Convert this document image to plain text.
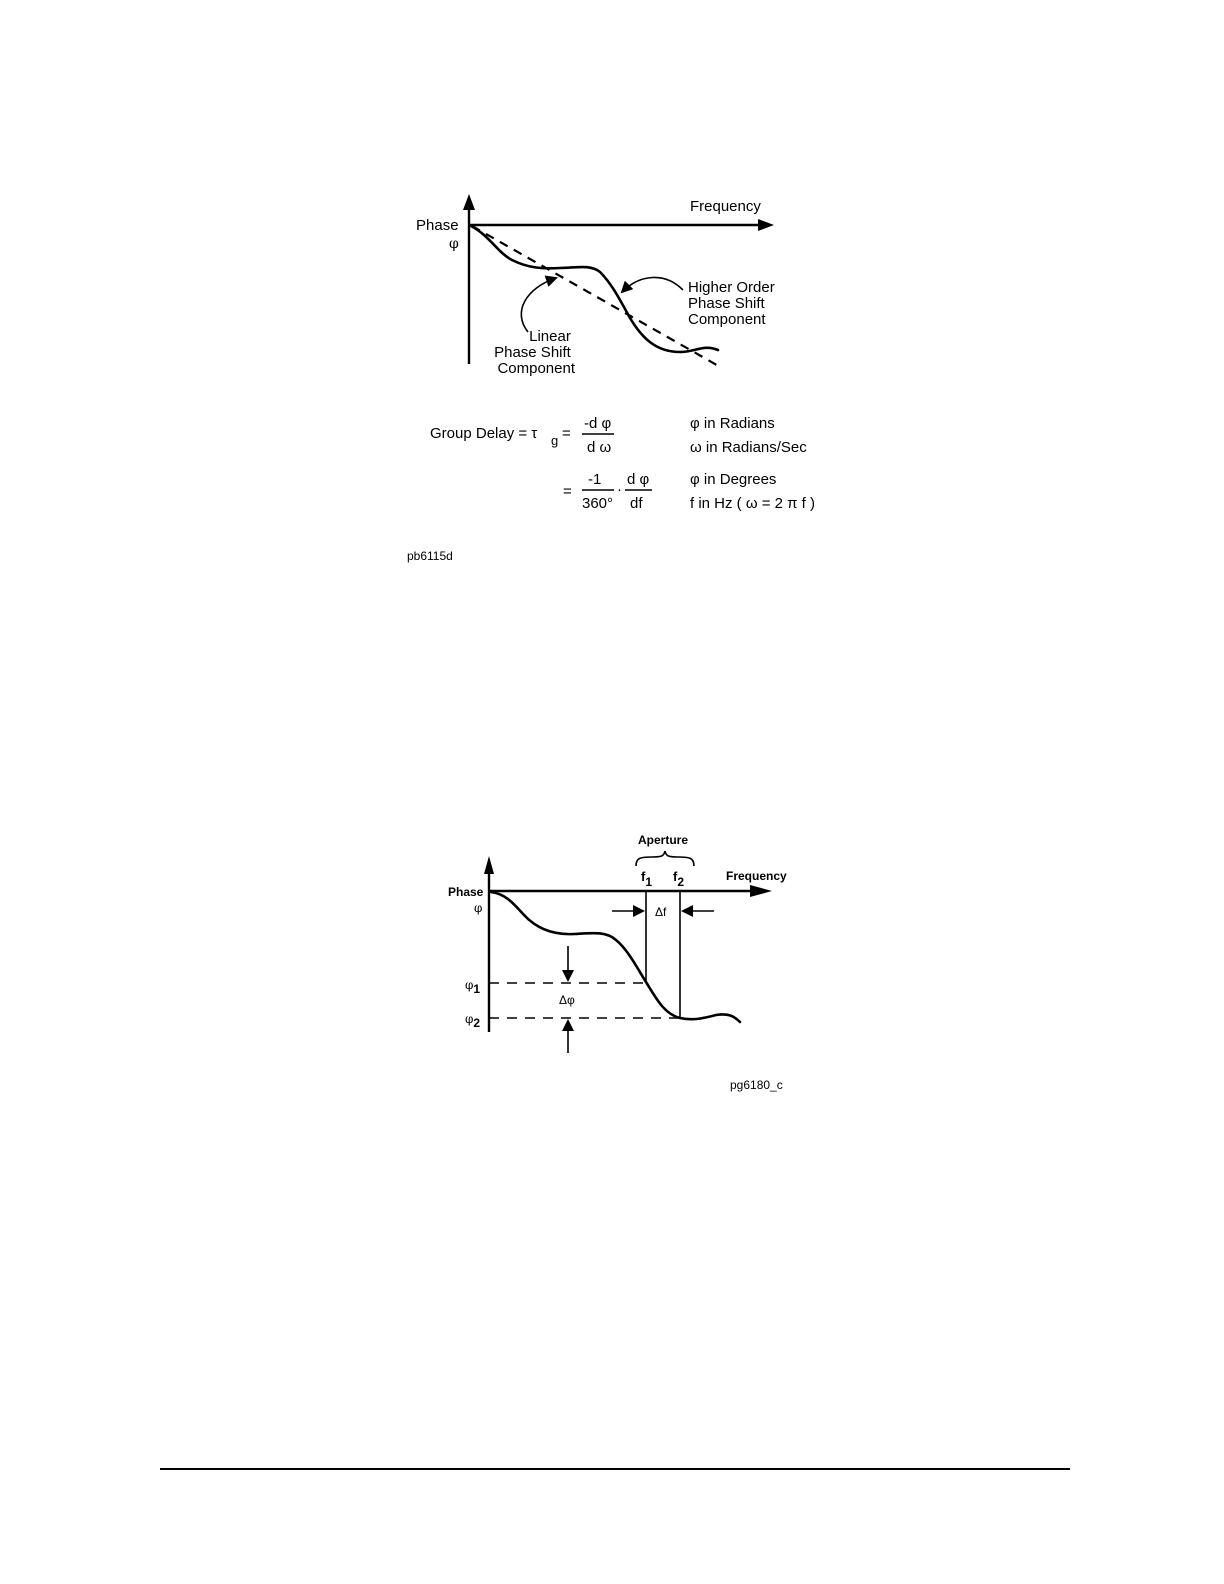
Phase
φ
Frequency
Higher Order Phase Shift Component
Linear Phase Shift Component
Group Delay = τ g =
-d φ
d ω
=
-1
360°
·
d φ
df
φ in Radians
ω in Radians/Sec
φ in Degrees
f in Hz ( ω = 2 π f )
pb6115d
Aperture
f1 f2	Frequency
Phase
φ	Δf
φ1
φ2
Δφ
pg6180_c
